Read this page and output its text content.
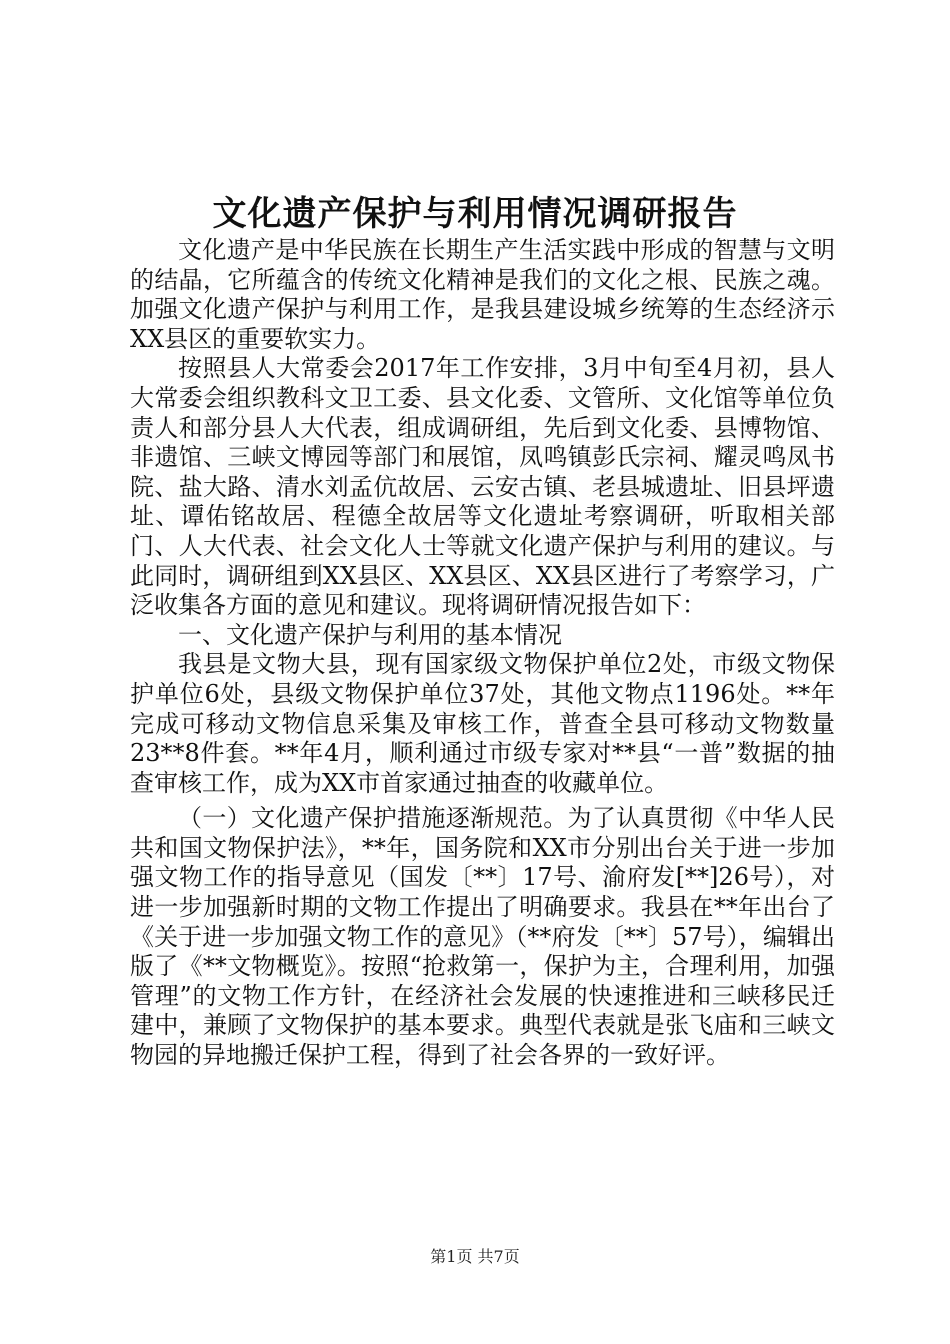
文化遗产保护与利用情况调研报告

文化遗产是中华民族在长期生产生活实践中形成的智慧与文明的结晶，它所蕴含的传统文化精神是我们的文化之根、民族之魂。加强文化遗产保护与利用工作，是我县建设城乡统筹的生态经济示XX县区的重要软实力。

按照县人大常委会2017年工作安排，3月中旬至4月初，县人大常委会组织教科文卫工委、县文化委、文管所、文化馆等单位负责人和部分县人大代表，组成调研组，先后到文化委、县博物馆、非遗馆、三峡文博园等部门和展馆，凤鸣镇彭氏宗祠、耀灵鸣凤书院、盐大路、清水刘孟伉故居、云安古镇、老县城遗址、旧县坪遗址、谭佑铭故居、程德全故居等文化遗址考察调研，听取相关部门、人大代表、社会文化人士等就文化遗产保护与利用的建议。与此同时，调研组到XX县区、XX县区、XX县区进行了考察学习，广泛收集各方面的意见和建议。现将调研情况报告如下：

一、文化遗产保护与利用的基本情况

我县是文物大县，现有国家级文物保护单位2处，市级文物保护单位6处，县级文物保护单位37处，其他文物点1196处。**年完成可移动文物信息采集及审核工作，普查全县可移动文物数量23**8件套。**年4月，顺利通过市级专家对**县“一普”数据的抽查审核工作，成为XX市首家通过抽查的收藏单位。

（一）文化遗产保护措施逐渐规范。为了认真贯彻《中华人民共和国文物保护法》，**年，国务院和XX市分别出台关于进一步加强文物工作的指导意见（国发〔**〕17号、渝府发[**]26号），对进一步加强新时期的文物工作提出了明确要求。我县在**年出台了《关于进一步加强文物工作的意见》（**府发〔**〕57号），编辑出版了《**文物概览》。按照“抢救第一，保护为主，合理利用，加强管理”的文物工作方针，在经济社会发展的快速推进和三峡移民迁建中，兼顾了文物保护的基本要求。典型代表就是张飞庙和三峡文物园的异地搬迁保护工程，得到了社会各界的一致好评。

第1页 共7页
